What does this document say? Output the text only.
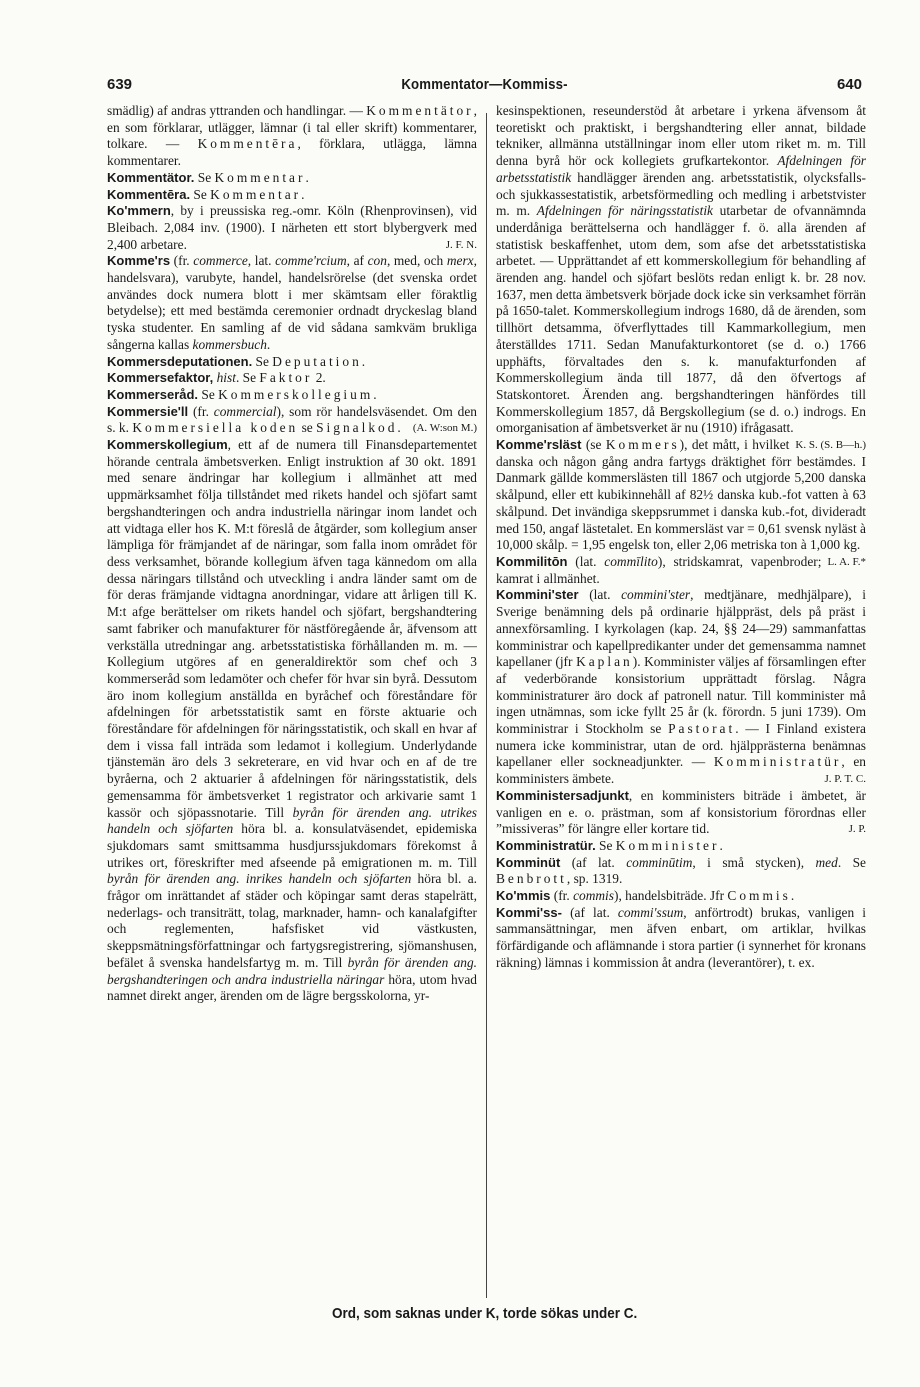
639	Kommentator—Kommiss-	640

smädlig) af andras yttranden och handlingar. — Kommentätor, en som förklarar, utlägger, lämnar (i tal eller skrift) kommentarer, tolkare. — Kommentēra, förklara, utlägga, lämna kommentarer.

Kommentätor. Se Kommentar.

Kommentēra. Se Kommentar.

Ko'mmern, by i preussiska reg.-omr. Köln (Rhenprovinsen), vid Bleibach. 2,084 inv. (1900). I närheten ett stort blybergverk med 2,400 arbetare.	J. F. N.

Komme'rs (fr. commerce, lat. comme'rcium, af con, med, och merx, handelsvara), varubyte, handel, handelsrörelse (det svenska ordet användes dock numera blott i mer skämtsam eller föraktlig betydelse); ett med bestämda ceremonier ordnadt dryckeslag bland tyska studenter. En samling af de vid sådana samkväm brukliga sångerna kallas kommersbuch.

Kommersdeputationen. Se Deputation.

Kommersefaktor, hist. Se Faktor 2.

Kommerseråd. Se Kommerskollegium.

Kommersie'll (fr. commercial), som rör handelsväsendet. Om den s. k. Kommersiella koden se Signalkod.	(A. W:son M.)

Kommerskollegium, ett af de numera till Finansdepartementet hörande centrala ämbetsverken. Enligt instruktion af 30 okt. 1891 med senare ändringar har kollegium i allmänhet att med uppmärksamhet följa tillståndet med rikets handel och sjöfart samt bergshandteringen och andra industriella näringar inom landet och att vidtaga eller hos K. M:t föreslå de åtgärder, som kollegium anser lämpliga för främjandet af de näringar, som falla inom området för dess verksamhet, börande kollegium äfven taga kännedom om alla dessa näringars tillstånd och utveckling i andra länder samt om de för deras främjande vidtagna anordningar, vidare att årligen till K. M:t afge berättelser om rikets handel och sjöfart, bergshandtering samt fabriker och manufakturer för nästföregående år, äfvensom att verkställa utredningar ang. arbetsstatistiska förhållanden m. m. — Kollegium utgöres af en generaldirektör som chef och 3 kommerseråd som ledamöter och chefer för hvar sin byrå. Dessutom äro inom kollegium anställda en byråchef och föreståndare för afdelningen för arbetsstatistik samt en förste aktuarie och föreståndare för afdelningen för näringsstatistik, och skall en hvar af dem i vissa fall inträda som ledamot i kollegium. Underlydande tjänstemän äro dels 3 sekreterare, en vid hvar och en af de tre byråerna, och 2 aktuarier å afdelningen för näringsstatistik, dels gemensamma för ämbetsverket 1 registrator och arkivarie samt 1 kassör och sjöpassnotarie. Till byrån för ärenden ang. utrikes handeln och sjöfarten höra bl. a. konsulatväsendet, epidemiska sjukdomars samt smittsamma husdjurssjukdomars förekomst å utrikes ort, föreskrifter med afseende på emigrationen m. m. Till byrån för ärenden ang. inrikes handeln och sjöfarten höra bl. a. frågor om inrättandet af städer och köpingar samt deras stapelrätt, nederlags- och transiträtt, tolag, marknader, hamn- och kanalafgifter och reglementen, hafsfisket vid västkusten, skeppsmätningsförfattningar och fartygsregistrering, sjömanshusen, befälet å svenska handelsfartyg m. m. Till byrån för ärenden ang. bergshandteringen och andra industriella näringar höra, utom hvad namnet direkt anger, ärenden om de lägre bergsskolorna, yr-

kesinspektionen, reseunderstöd åt arbetare i yrkena äfvensom åt teoretiskt och praktiskt, i bergshandtering eller annat, bildade tekniker, allmänna utställningar inom eller utom riket m. m. Till denna byrå hör ock kollegiets grufkartekontor. Afdelningen för arbetsstatistik handlägger ärenden ang. arbetsstatistik, olycksfalls- och sjukkassestatistik, arbetsförmedling och medling i arbetstvister m. m. Afdelningen för näringsstatistik utarbetar de ofvannämnda underdåniga berättelserna och handlägger f. ö. alla ärenden af statistisk beskaffenhet, utom dem, som afse det arbetsstatistiska arbetet. — Upprättandet af ett kommerskollegium för behandling af ärenden ang. handel och sjöfart beslöts redan enligt k. br. 28 nov. 1637, men detta ämbetsverk började dock icke sin verksamhet förrän på 1650-talet. Kommerskollegium indrogs 1680, då de ärenden, som tillhört detsamma, öfverflyttades till Kammarkollegium, men återställdes 1711. Sedan Manufakturkontoret (se d. o.) 1766 upphäfts, förvaltades den s. k. manufakturfonden af Kommerskollegium ända till 1877, då den öfvertogs af Statskontoret. Ärenden ang. bergshandteringen hänfördes till Kommerskollegium 1857, då Bergskollegium (se d. o.) indrogs. En omorganisation af ämbetsverket är nu (1910) ifrågasatt.
K. S. (S. B—h.)

Komme'rsläst (se Kommers), det mått, i hvilket danska och någon gång andra fartygs dräktighet förr bestämdes. I Danmark gällde kommerslästen till 1867 och utgjorde 5,200 danska skålpund, eller ett kubikinnehåll af 82½ danska kub.-fot vatten à 63 skålpund. Det invändiga skeppsrummet i danska kub.-fot, divideradt med 150, angaf lästetalet. En kommersläst var = 0,61 svensk nyläst à 10,000 skålp. = 1,95 engelsk ton, eller 2,06 metriska ton à 1,000 kg.
L. A. F.*

Kommilitōn (lat. commīlito), stridskamrat, vapenbroder; kamrat i allmänhet.

Kommini'ster (lat. commini'ster, medtjänare, medhjälpare), i Sverige benämning dels på ordinarie hjälppräst, dels på präst i annexförsamling. I kyrkolagen (kap. 24, §§ 24—29) sammanfattas komministrar och kapellpredikanter under det gemensamma namnet kapellaner (jfr Kaplan). Komminister väljes af församlingen efter af vederbörande konsistorium upprättadt förslag. Några komministraturer äro dock af patronell natur. Till komminister må ingen utnämnas, som icke fyllt 25 år (k. förordn. 5 juni 1739). Om komministrar i Stockholm se Pastorat. — I Finland existera numera icke komministrar, utan de ord. hjälpprästerna benämnas kapellaner eller sockneadjunkter. — Komministratür, en komministers ämbete.	J. P. T. C.

Komministersadjunkt, en komministers biträde i ämbetet, är vanligen en e. o. prästman, som af konsistorium förordnas eller ”missiveras” för längre eller kortare tid.	J. P.

Komministratür. Se Komminister.

Komminüt (af lat. comminūtim, i små stycken), med. Se Benbrott, sp. 1319.

Ko'mmis (fr. commis), handelsbiträde. Jfr Commis.

Kommi'ss- (af lat. commi'ssum, anförtrodt) brukas, vanligen i sammansättningar, men äfven enbart, om artiklar, hvilkas förfärdigande och aflämnande i stora partier (i synnerhet för kronans räkning) lämnas i kommission åt andra (leverantörer), t. ex.

Ord, som saknas under K, torde sökas under C.
